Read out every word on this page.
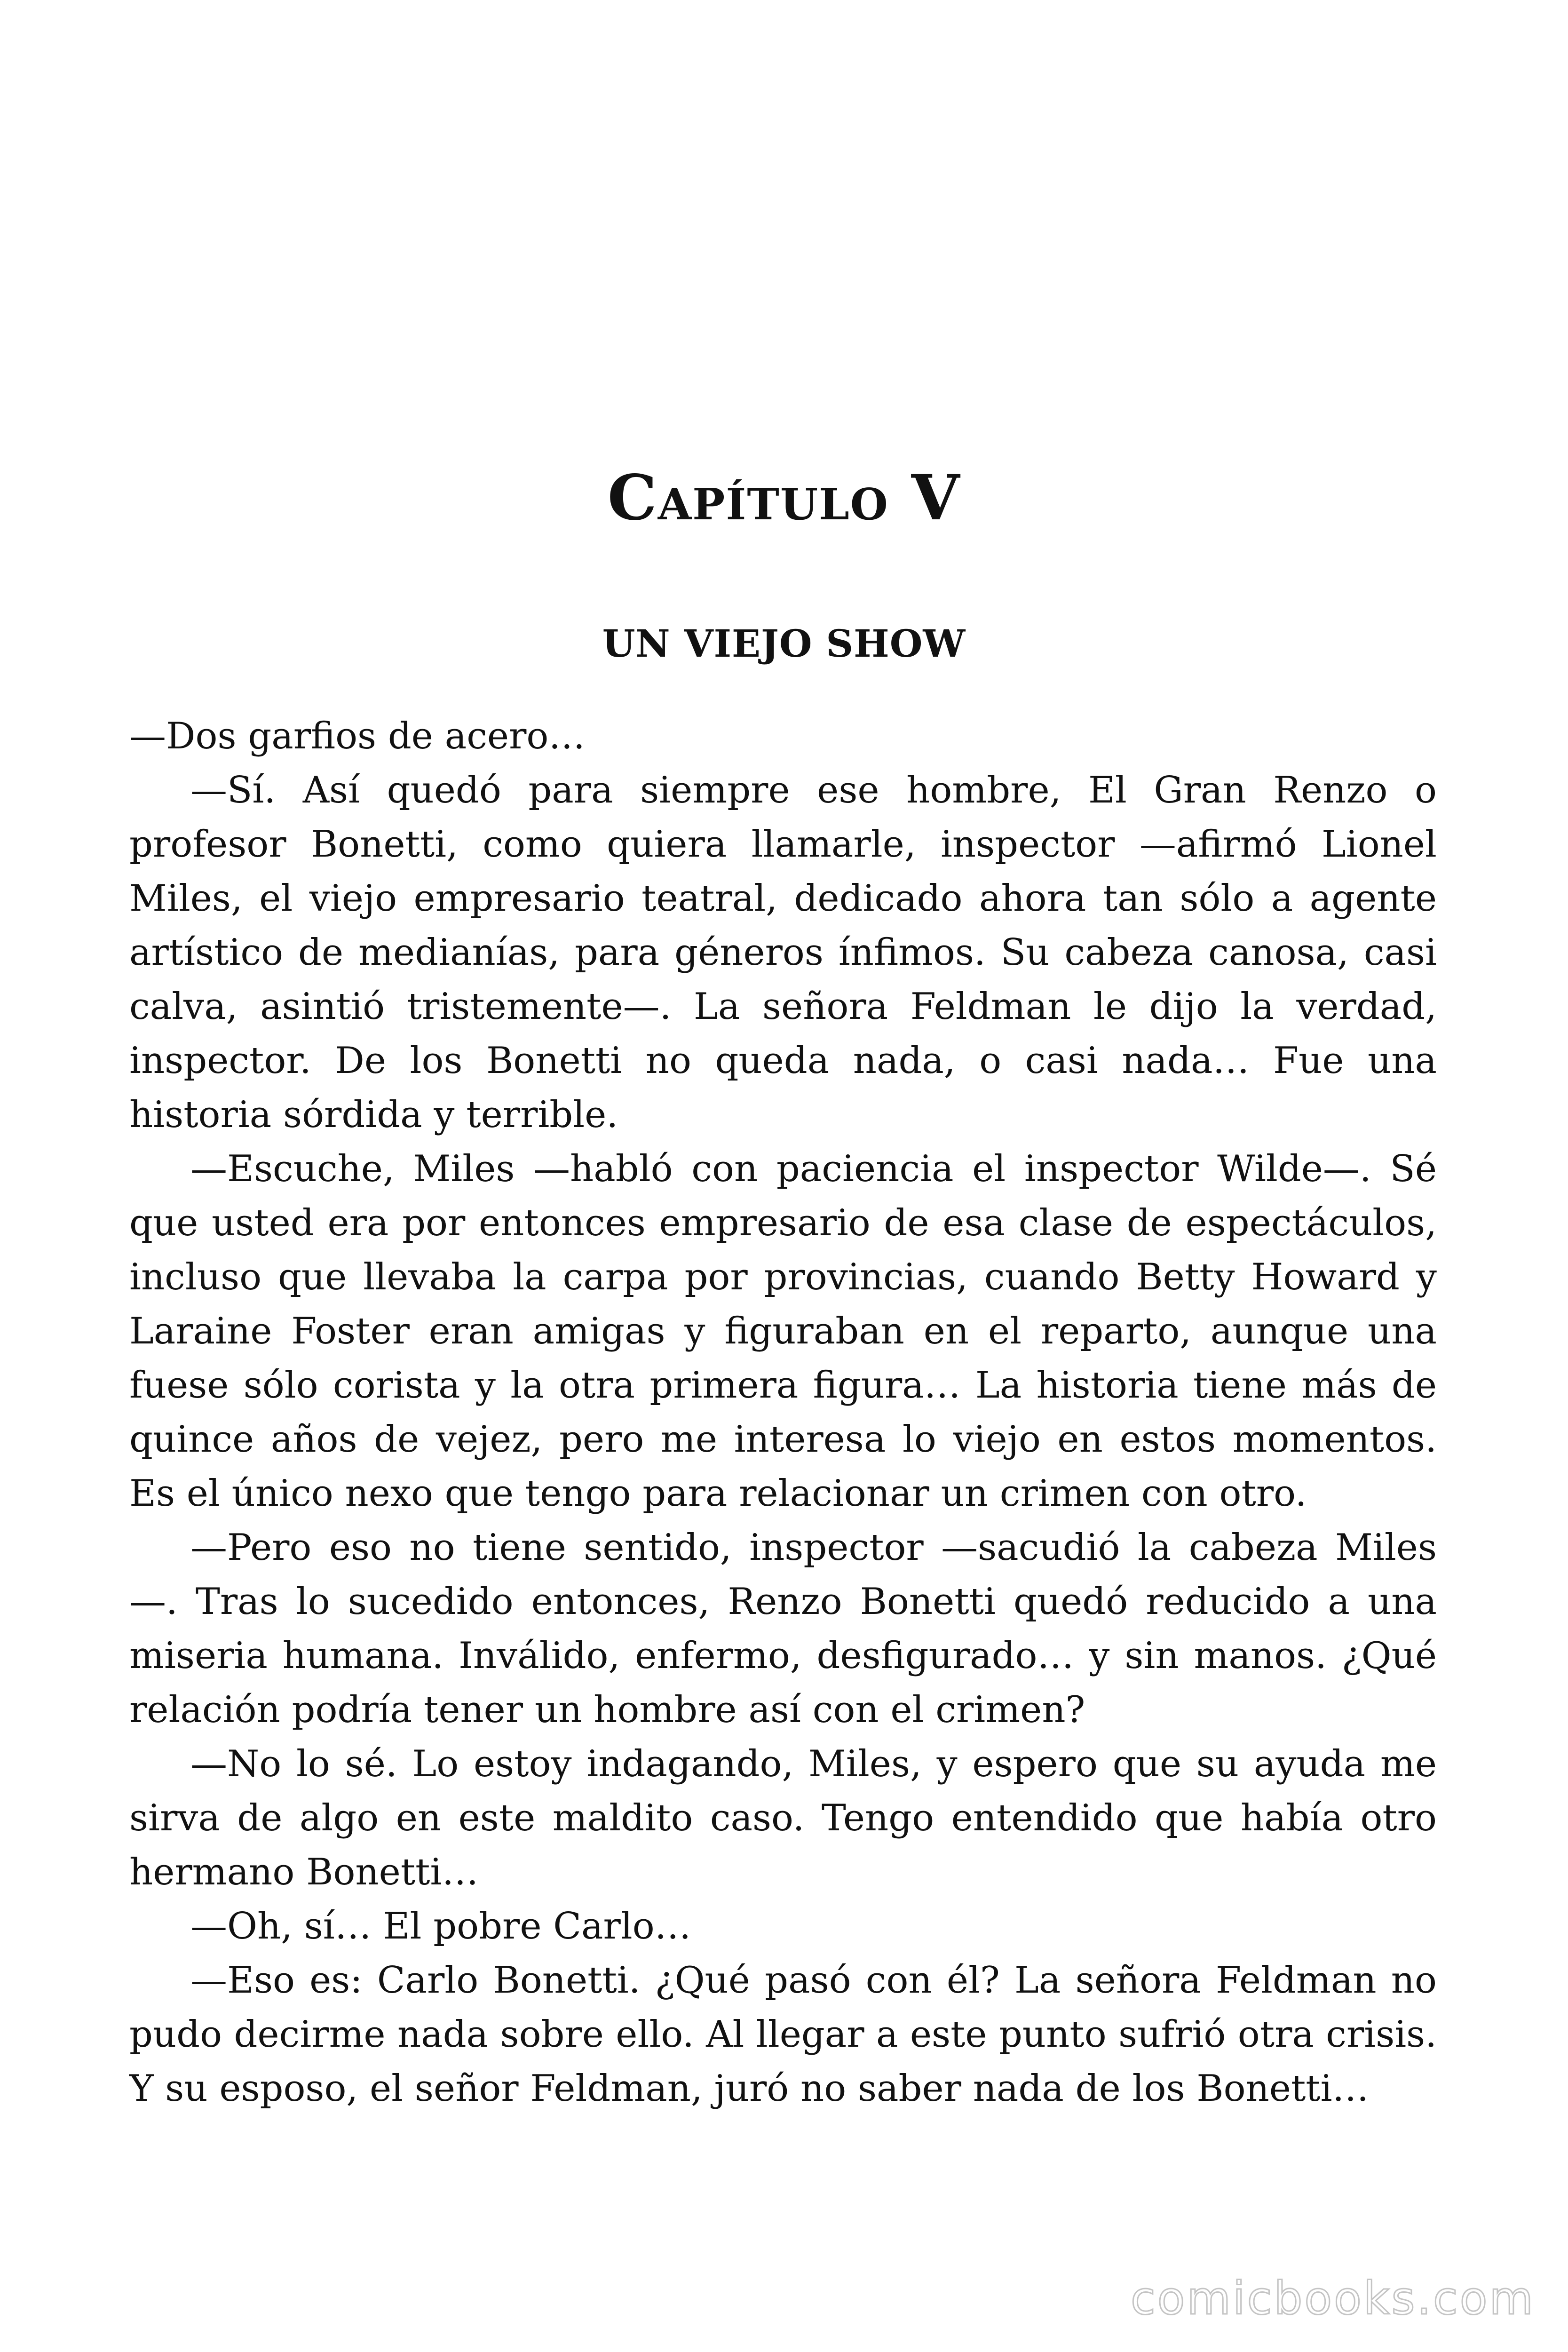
Capítulo V
UN VIEJO SHOW

—Dos garfios de acero…

—Sí. Así quedó para siempre ese hombre, El Gran Renzo o profesor Bonetti, como quiera llamarle, inspector —afirmó Lionel Miles, el viejo empresario teatral, dedicado ahora tan sólo a agente artístico de medianías, para géneros ínfimos. Su cabeza canosa, casi calva, asintió tristemente—. La señora Feldman le dijo la verdad, inspector. De los Bonetti no queda nada, o casi nada… Fue una historia sórdida y terrible.

—Escuche, Miles —habló con paciencia el inspector Wilde—. Sé que usted era por entonces empresario de esa clase de espectáculos, incluso que llevaba la carpa por provincias, cuando Betty Howard y Laraine Foster eran amigas y figuraban en el reparto, aunque una fuese sólo corista y la otra primera figura… La historia tiene más de quince años de vejez, pero me interesa lo viejo en estos momentos. Es el único nexo que tengo para relacionar un crimen con otro.

—Pero eso no tiene sentido, inspector —sacudió la cabeza Miles —. Tras lo sucedido entonces, Renzo Bonetti quedó reducido a una miseria humana. Inválido, enfermo, desfigurado… y sin manos. ¿Qué relación podría tener un hombre así con el crimen?

—No lo sé. Lo estoy indagando, Miles, y espero que su ayuda me sirva de algo en este maldito caso. Tengo entendido que había otro hermano Bonetti…

—Oh, sí… El pobre Carlo…

—Eso es: Carlo Bonetti. ¿Qué pasó con él? La señora Feldman no pudo decirme nada sobre ello. Al llegar a este punto sufrió otra crisis. Y su esposo, el señor Feldman, juró no saber nada de los Bonetti…

comicbooks.com
